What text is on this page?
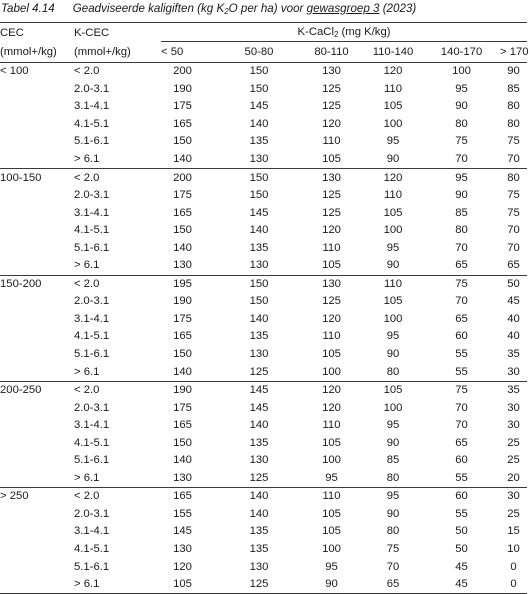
Tabel 4.14 Geadviseerde kaligiften (kg $K_2O$ per ha) voor gewasgroep 3 (2023)
CEC	K-CEC	K-CaCl$_2$ (mg K/kg)					

(mmol+/kg)	(mmol+/kg)	< 50	50-80	80-110	110-140	140-170	> 170
< 100	< 2.0	200	150	130	120	100	90
	2.0-3.1	190	150	125	110	95	85
	3.1-4.1	175	145	125	105	90	80
	4.1-5.1	165	140	120	100	80	80
	5.1-6.1	150	135	110	95	75	75
	> 6.1	140	130	105	90	70	70
100-150	< 2.0	200	150	130	120	95	80
	2.0-3.1	175	150	125	110	90	75
	3.1-4.1	165	145	125	105	85	75
	4.1-5.1	150	140	120	100	80	70
	5.1-6.1	140	135	110	95	70	70
	> 6.1	130	130	105	90	65	65
150-200	< 2.0	195	150	130	110	75	50
	2.0-3.1	190	150	125	105	70	45
	3.1-4.1	175	140	120	100	65	40
	4.1-5.1	165	135	110	95	60	40
	5.1-6.1	150	130	105	90	55	35
	> 6.1	140	125	100	80	55	30
200-250	< 2.0	190	145	120	105	75	35
	2.0-3.1	175	145	120	100	70	30
	3.1-4.1	165	140	110	95	70	30
	4.1-5.1	150	135	105	90	65	25
	5.1-6.1	140	130	100	85	60	25
	> 6.1	130	125	95	80	55	20
> 250	< 2.0	165	140	110	95	60	30
	2.0-3.1	155	140	105	90	55	25
	3.1-4.1	145	135	105	80	50	15
	4.1-5.1	130	135	100	75	50	10
	5.1-6.1	120	130	95	70	45	0
	> 6.1	105	125	90	65	45	0
